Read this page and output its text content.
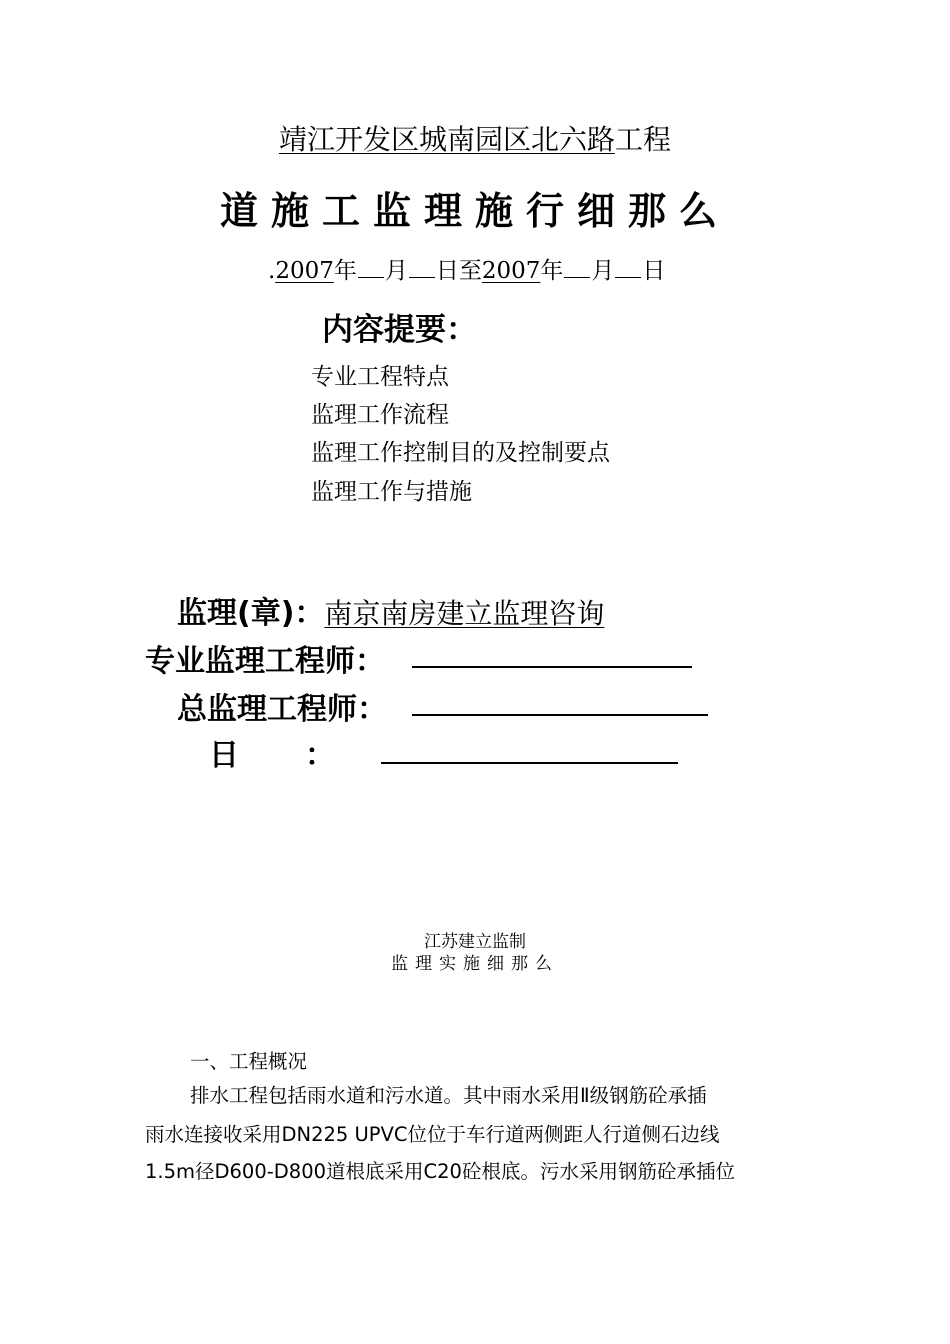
靖江开发区城南园区北六路工程
道施工监理施行细那么
.2007年 月 日至2007年 月 日
内容提要：
专业工程特点
监理工作流程
监理工作控制目的及控制要点
监理工作与措施
监理(章)：南京南房建立监理咨询
专业监理工程师：
总监理工程师：
日 ：
江苏建立监制
监理实施细那么
一、工程概况
排水工程包括雨水道和污水道。其中雨水采用Ⅱ级钢筋砼承插
雨水连接收采用DN225 UPVC位位于车行道两侧距人行道侧石边线
1.5m径D600-D800道根底采用C20砼根底。污水采用钢筋砼承插位
